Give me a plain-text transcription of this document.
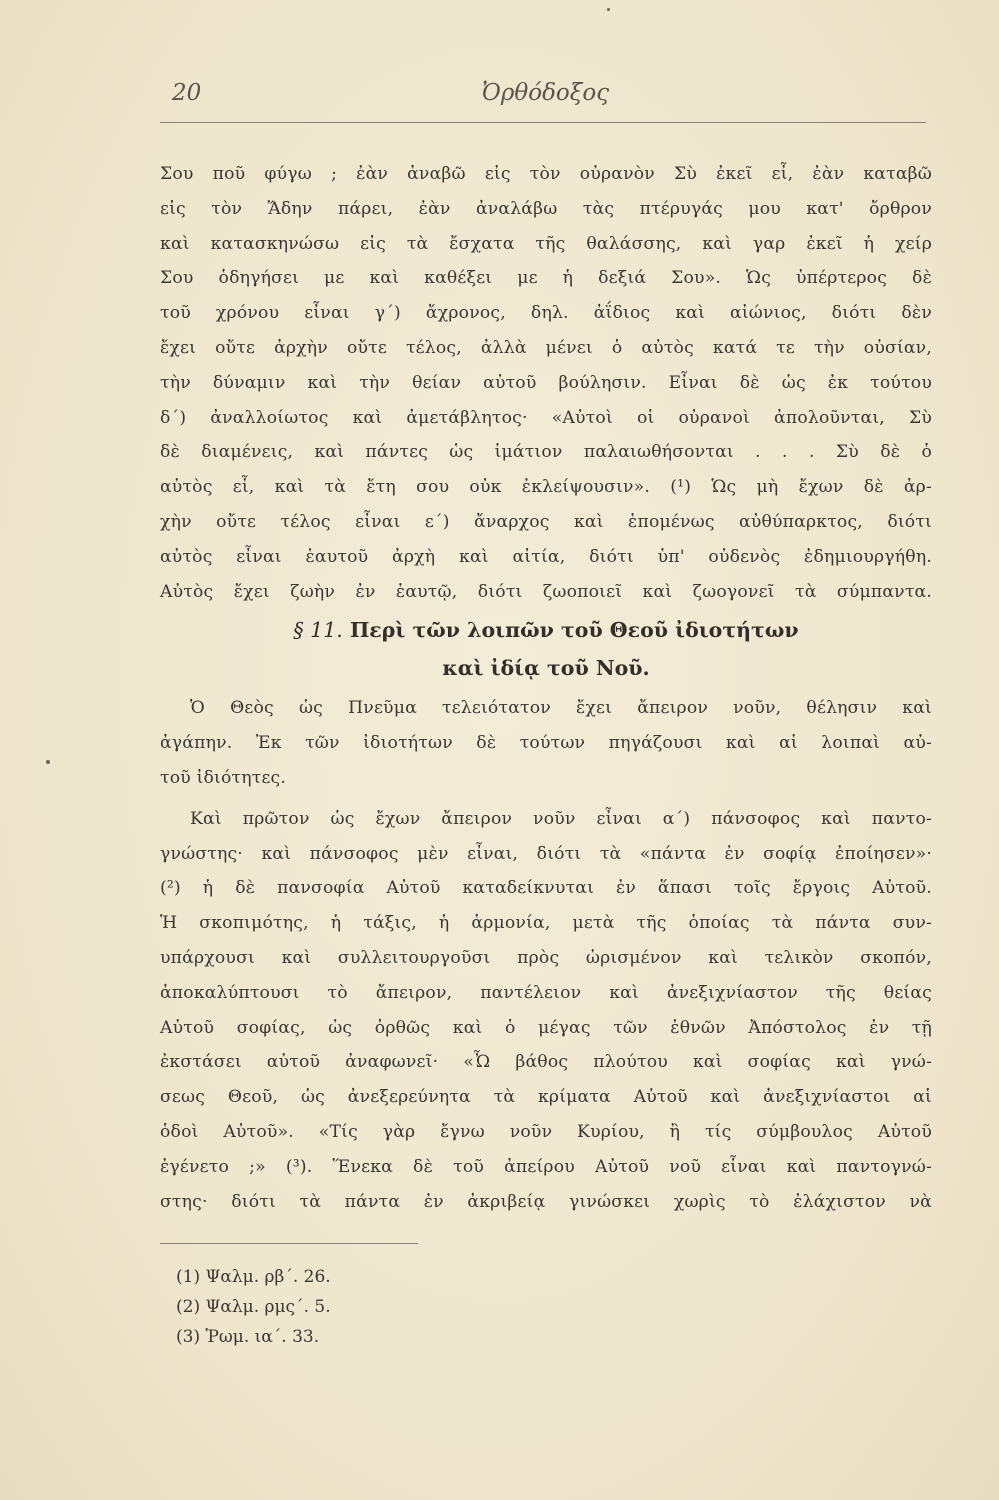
20	Ὀρθόδοξος
Σου ποῦ φύγω ; ἐὰν ἀναβῶ εἰς τὸν οὐρανὸν Σὺ ἐκεῖ εἶ, ἐὰν καταβῶ
εἰς τὸν Ἅδην πάρει, ἐὰν ἀναλάβω τὰς πτέρυγάς μου κατ' ὄρθρον
καὶ κατασκηνώσω εἰς τὰ ἔσχατα τῆς θαλάσσης, καὶ γαρ ἐκεῖ ἡ χείρ
Σου ὁδηγήσει με καὶ καθέξει με ἡ δεξιά Σου». Ὡς ὑπέρτερος δὲ
τοῦ χρόνου εἶναι γ΄) ἄχρονος, δηλ. ἀΐδιος καὶ αἰώνιος, διότι δὲν
ἔχει οὔτε ἀρχὴν οὔτε τέλος, ἀλλὰ μένει ὁ αὐτὸς κατά τε τὴν οὐσίαν,
τὴν δύναμιν καὶ τὴν θείαν αὐτοῦ βούλησιν. Εἶναι δὲ ὡς ἐκ τούτου
δ΄) ἀναλλοίωτος καὶ ἀμετάβλητος· «Αὐτοὶ οἱ οὐρανοὶ ἀπολοῦνται, Σὺ
δὲ διαμένεις, καὶ πάντες ὡς ἱμάτιον παλαιωθήσονται . . . Σὺ δὲ ὁ
αὐτὸς εἶ, καὶ τὰ ἔτη σου οὐκ ἐκλείψουσιν». (¹) Ὡς μὴ ἔχων δὲ ἀρ-
χὴν οὔτε τέλος εἶναι ε΄) ἄναρχος καὶ ἑπομένως αὐθύπαρκτος, διότι
αὐτὸς εἶναι ἑαυτοῦ ἀρχὴ καὶ αἰτία, διότι ὑπ' οὐδενὸς ἐδημιουργήθη.
Αὐτὸς ἔχει ζωὴν ἐν ἑαυτῷ, διότι ζωοποιεῖ καὶ ζωογονεῖ τὰ σύμπαντα.
§ 11. Περὶ τῶν λοιπῶν τοῦ Θεοῦ ἰδιοτήτων
καὶ ἰδίᾳ τοῦ Νοῦ.
Ὁ Θεὸς ὡς Πνεῦμα τελειότατον ἔχει ἄπειρον νοῦν, θέλησιν καὶ
ἀγάπην. Ἐκ τῶν ἰδιοτήτων δὲ τούτων πηγάζουσι καὶ αἱ λοιπαὶ αὐ-
τοῦ ἰδιότητες.
Καὶ πρῶτον ὡς ἔχων ἄπειρον νοῦν εἶναι α΄) πάνσοφος καὶ παντο-
γνώστης· καὶ πάνσοφος μὲν εἶναι, διότι τὰ «πάντα ἐν σοφίᾳ ἐποίησεν»·
(²) ἡ δὲ πανσοφία Αὐτοῦ καταδείκνυται ἐν ἅπασι τοῖς ἔργοις Αὐτοῦ.
Ἡ σκοπιμότης, ἡ τάξις, ἡ ἁρμονία, μετὰ τῆς ὁποίας τὰ πάντα συν-
υπάρχουσι καὶ συλλειτουργοῦσι πρὸς ὡρισμένον καὶ τελικὸν σκοπόν,
ἀποκαλύπτουσι τὸ ἄπειρον, παντέλειον καὶ ἀνεξιχνίαστον τῆς θείας
Αὐτοῦ σοφίας, ὡς ὀρθῶς καὶ ὁ μέγας τῶν ἐθνῶν Ἀπόστολος ἐν τῇ
ἐκστάσει αὐτοῦ ἀναφωνεῖ· «Ὦ βάθος πλούτου καὶ σοφίας καὶ γνώ-
σεως Θεοῦ, ὡς ἀνεξερεύνητα τὰ κρίματα Αὐτοῦ καὶ ἀνεξιχνίαστοι αἱ
ὁδοὶ Αὐτοῦ». «Τίς γὰρ ἔγνω νοῦν Κυρίου, ἢ τίς σύμβουλος Αὐτοῦ
ἐγένετο ;» (³). Ἕνεκα δὲ τοῦ ἀπείρου Αὐτοῦ νοῦ εἶναι καὶ παντογνώ-
στης· διότι τὰ πάντα ἐν ἀκριβείᾳ γινώσκει χωρὶς τὸ ἐλάχιστον νὰ
(1) Ψαλμ. ρβ΄. 26.
(2) Ψαλμ. ρμς΄. 5.
(3) Ῥωμ. ια΄. 33.
